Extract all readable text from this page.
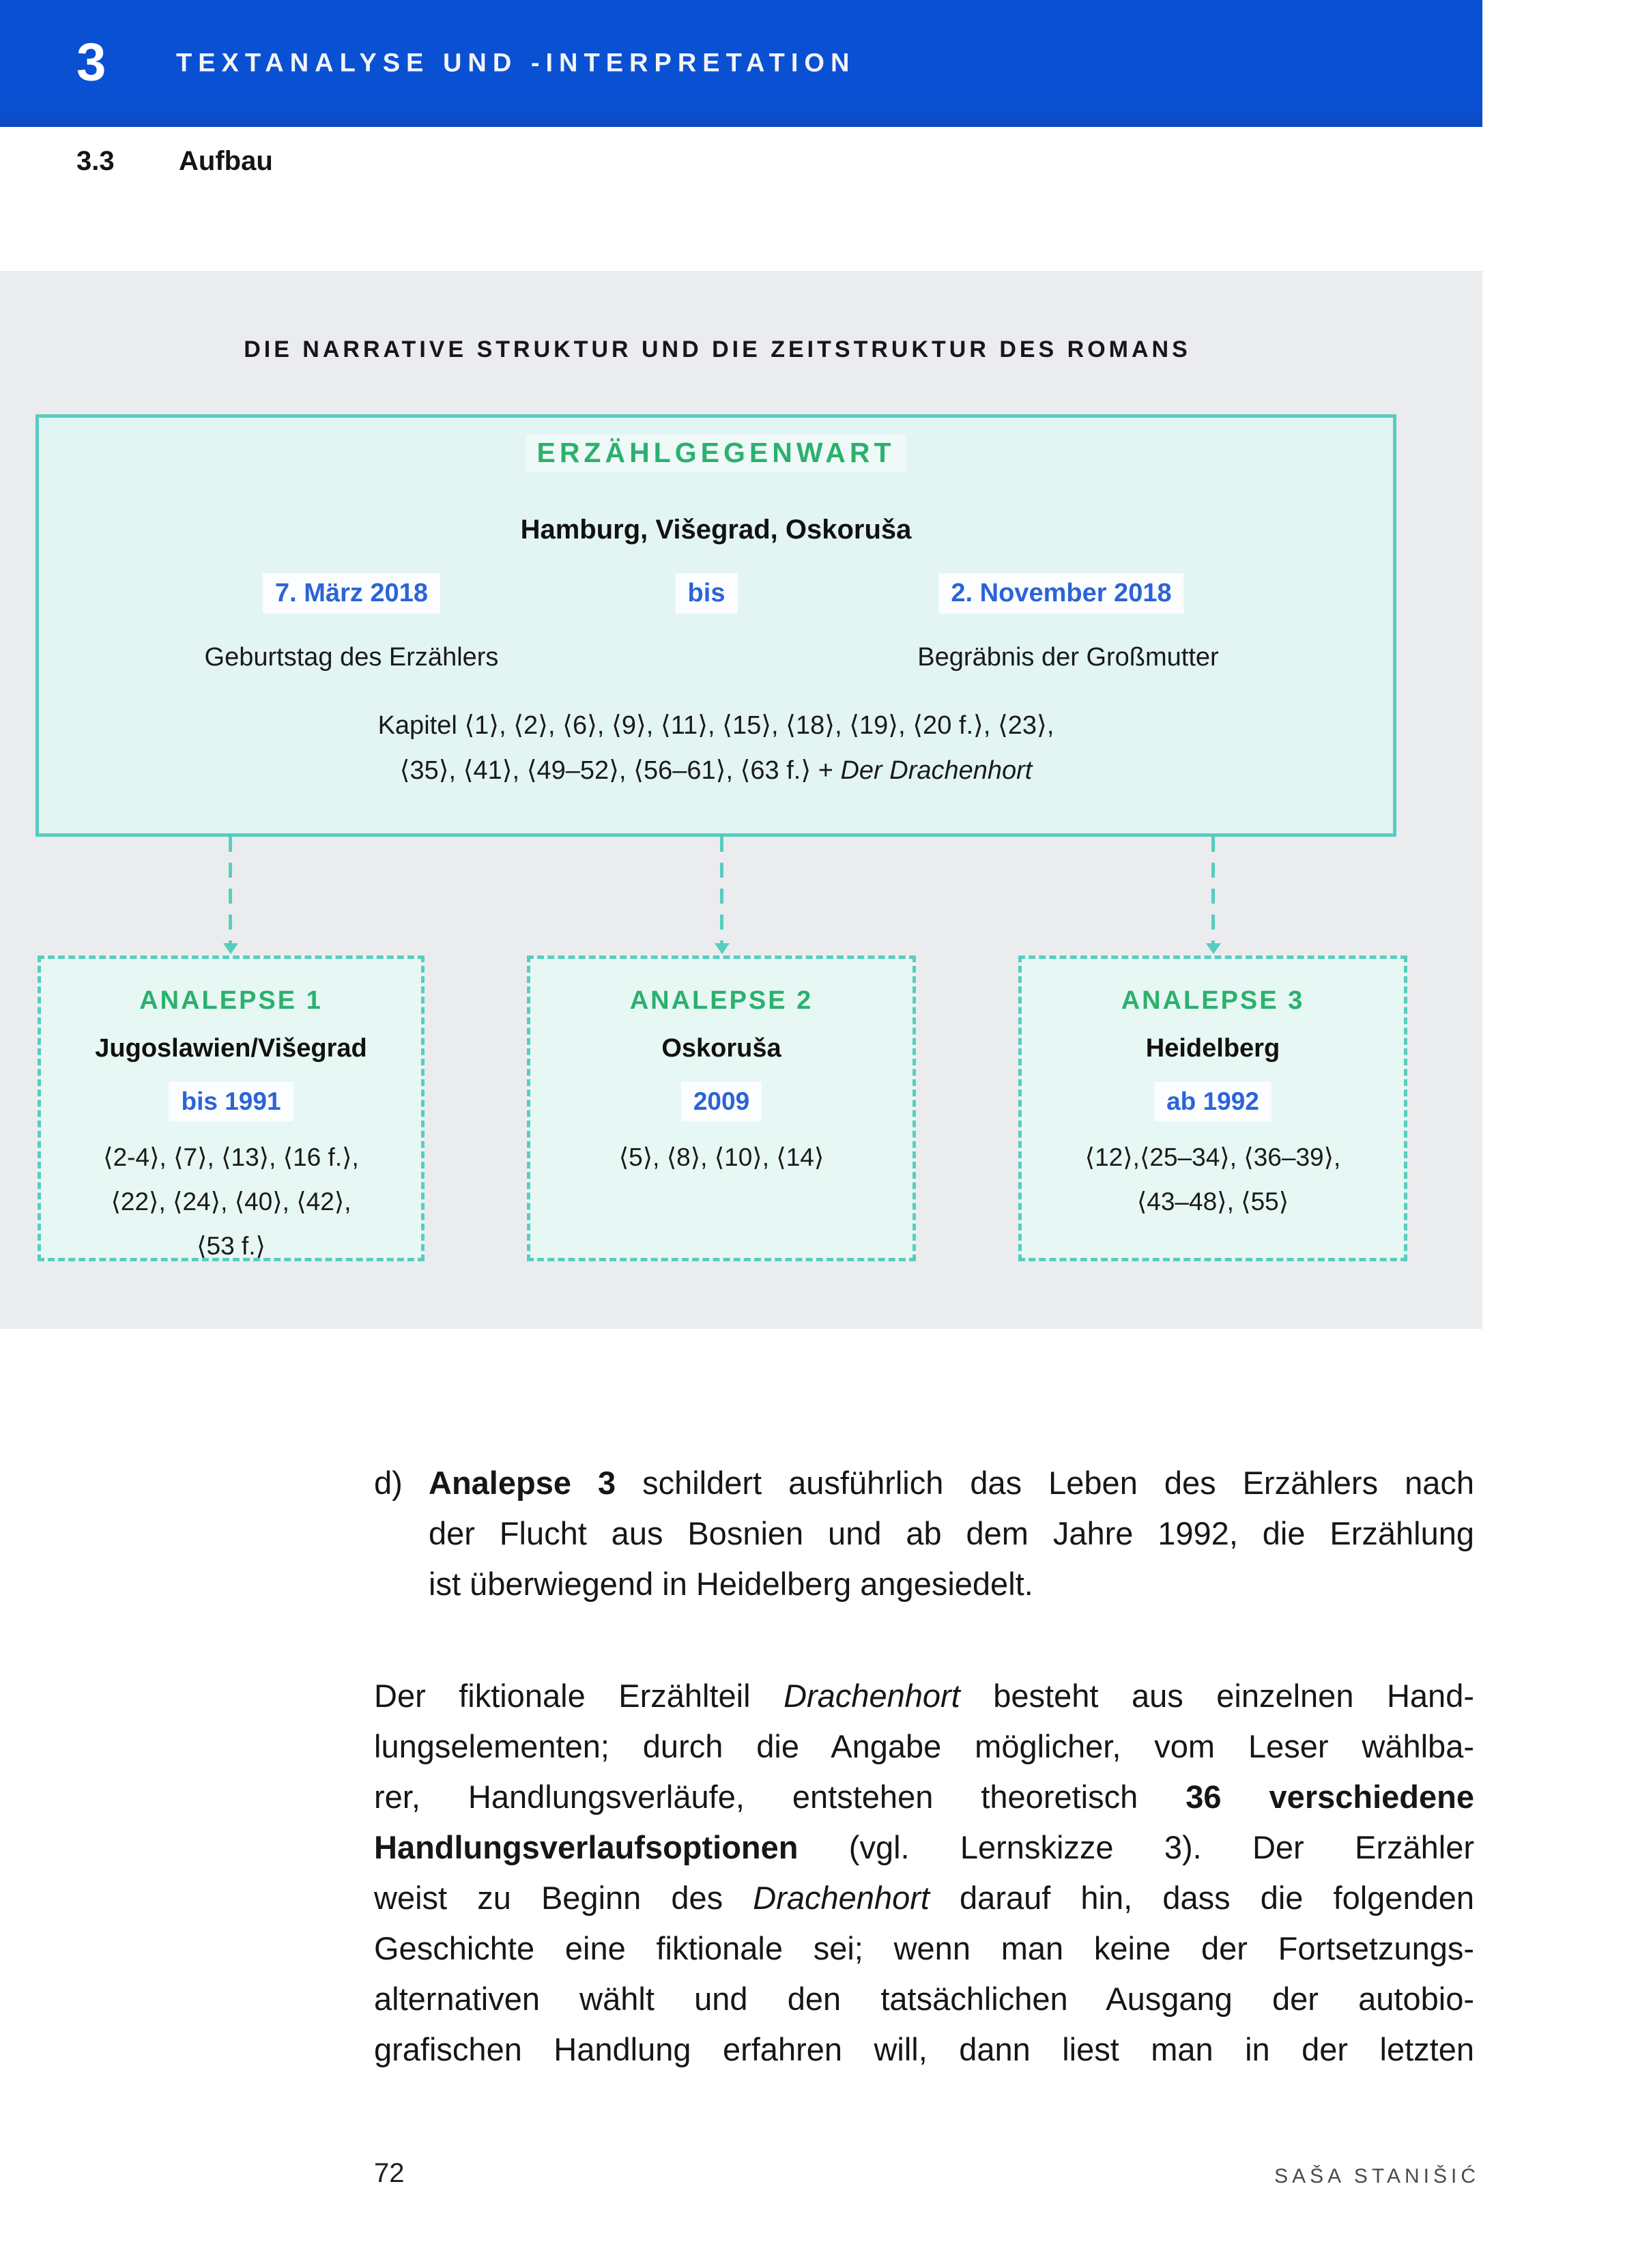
3	TEXTANALYSE UND -INTERPRETATION
3.3 Aufbau
DIE NARRATIVE STRUKTUR UND DIE ZEITSTRUKTUR DES ROMANS
ERZÄHLGEGENWART
Hamburg, Višegrad, Oskoruša
7. März 2018	bis	2. November 2018
Geburtstag des Erzählers	Begräbnis der Großmutter
Kapitel ⟨1⟩, ⟨2⟩, ⟨6⟩, ⟨9⟩, ⟨11⟩, ⟨15⟩, ⟨18⟩, ⟨19⟩, ⟨20 f.⟩, ⟨23⟩,
⟨35⟩, ⟨41⟩, ⟨49–52⟩, ⟨56–61⟩, ⟨63 f.⟩ + Der Drachenhort
ANALEPSE 1
Jugoslawien/Višegrad
bis 1991
⟨2-4⟩, ⟨7⟩, ⟨13⟩, ⟨16 f.⟩,
⟨22⟩, ⟨24⟩, ⟨40⟩, ⟨42⟩,
⟨53 f.⟩
ANALEPSE 2
Oskoruša
2009
⟨5⟩, ⟨8⟩, ⟨10⟩, ⟨14⟩
ANALEPSE 3
Heidelberg
ab 1992
⟨12⟩,⟨25–34⟩, ⟨36–39⟩,
⟨43–48⟩, ⟨55⟩
d) Analepse 3 schildert ausführlich das Leben des Erzählers nach
der Flucht aus Bosnien und ab dem Jahre 1992, die Erzählung
ist überwiegend in Heidelberg angesiedelt.
Der fiktionale Erzählteil Drachenhort besteht aus einzelnen Hand-
lungselementen; durch die Angabe möglicher, vom Leser wählba-
rer, Handlungsverläufe, entstehen theoretisch 36 verschiedene
Handlungsverlaufsoptionen (vgl. Lernskizze 3). Der Erzähler
weist zu Beginn des Drachenhort darauf hin, dass die folgenden
Geschichte eine fiktionale sei; wenn man keine der Fortsetzungs-
alternativen wählt und den tatsächlichen Ausgang der autobio-
grafischen Handlung erfahren will, dann liest man in der letzten
72	SAŠA STANIŠIĆ
